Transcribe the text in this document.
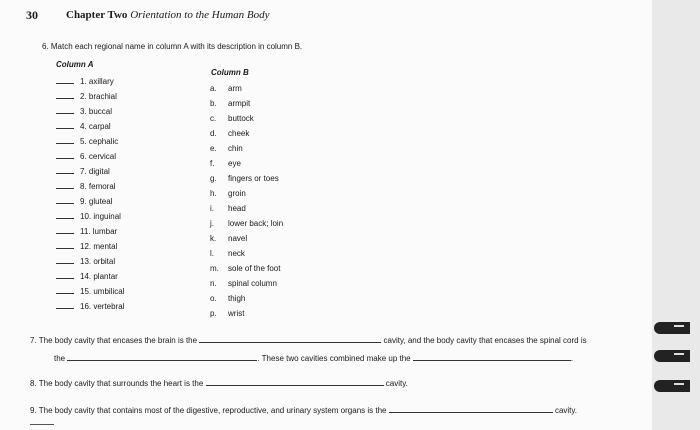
30	Chapter Two Orientation to the Human Body
6. Match each regional name in column A with its description in column B.
Column A
Column B
1. axillary
2. brachial
3. buccal
4. carpal
5. cephalic
6. cervical
7. digital
8. femoral
9. gluteal
10. inguinal
11. lumbar
12. mental
13. orbital
14. plantar
15. umbilical
16. vertebral
a. arm
b. armpit
c. buttock
d. cheek
e. chin
f. eye
g. fingers or toes
h. groin
i. head
j. lower back; loin
k. navel
l. neck
m. sole of the foot
n. spinal column
o. thigh
p. wrist
7. The body cavity that encases the brain is the	cavity, and the body cavity that encases the spinal cord is
the	. These two cavities combined make up the	.
8. The body cavity that surrounds the heart is the	cavity.
9. The body cavity that contains most of the digestive, reproductive, and urinary system organs is the	cavity.
